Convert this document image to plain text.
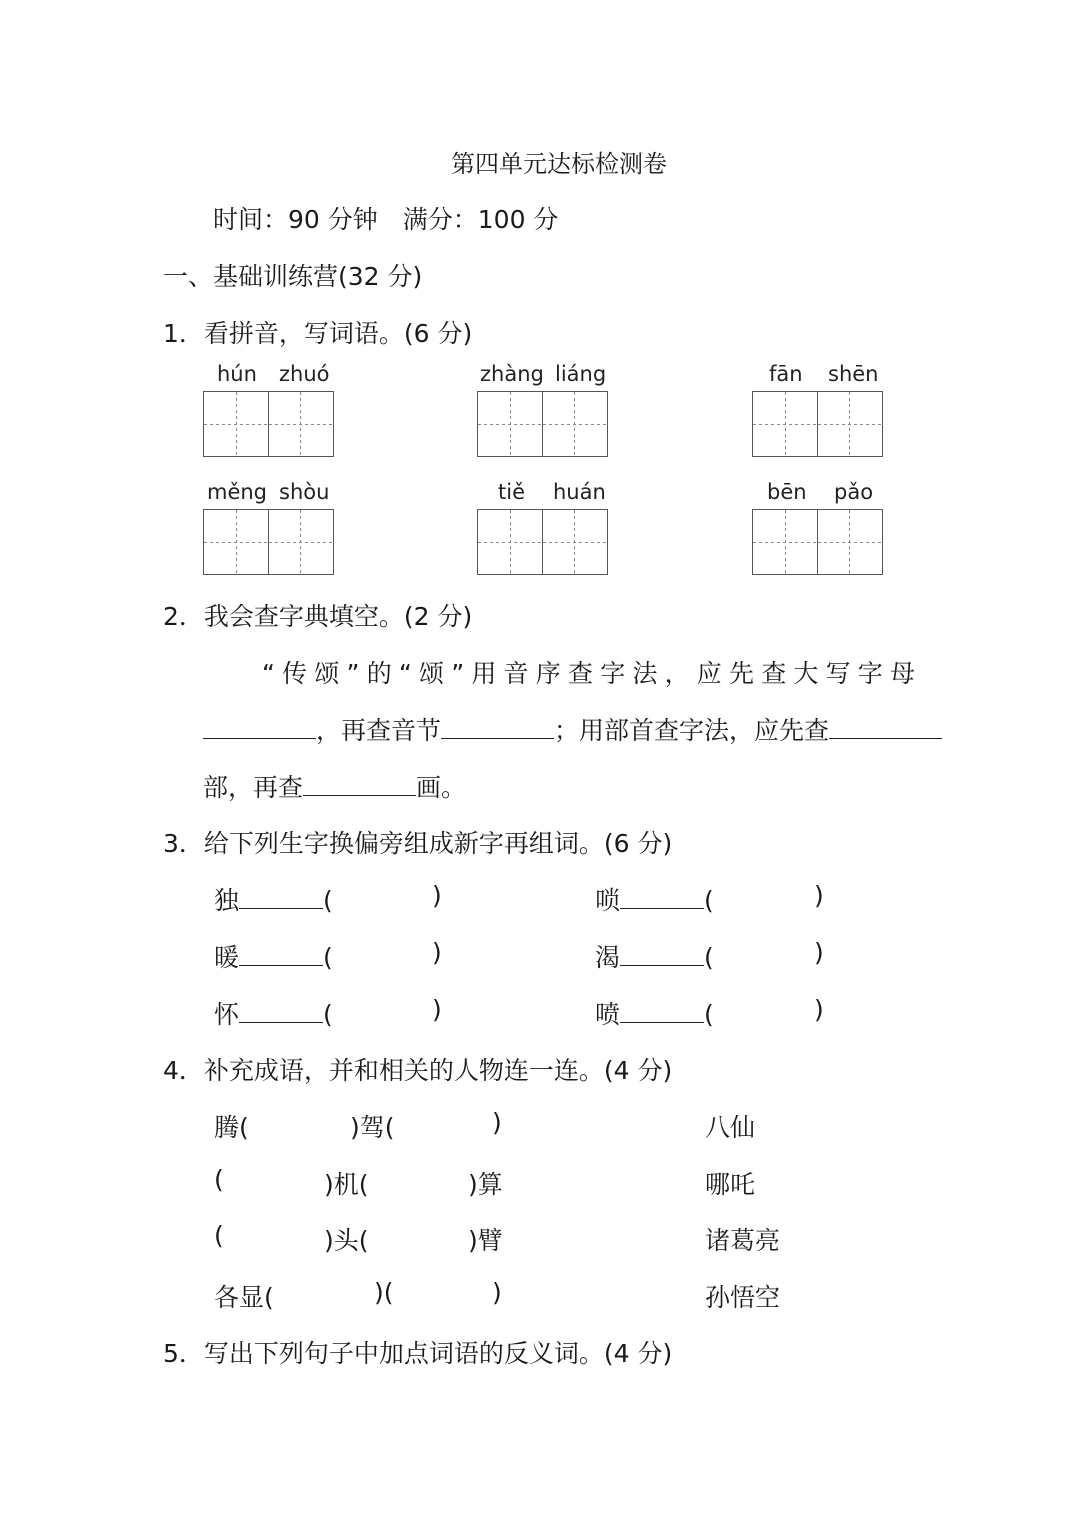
第四单元达标检测卷
时间：90 分钟　满分：100 分
一、基础训练营(32 分)
1．看拼音，写词语。(6 分)
hún zhuó	zhàng liáng	fān shēn
měng shòu	tiě huán	bēn pǎo
2．我会查字典填空。(2 分)
“传颂”的“颂”用音序查字法，应先查大写字母
，再查音节	；用部首查字法，应先查
部，再查	画。
3．给下列生字换偏旁组成新字再组词。(6 分)
独	(	)	唢	(	)
暖	(	)	渴	(	)
怀	(	)	喷	(	)
4．补充成语，并和相关的人物连一连。(4 分)
腾(	)驾(	)	八仙
(	)机(	)算	哪吒
(	)头(	)臂	诸葛亮
各显(	)(	)	孙悟空
5．写出下列句子中加点词语的反义词。(4 分)
